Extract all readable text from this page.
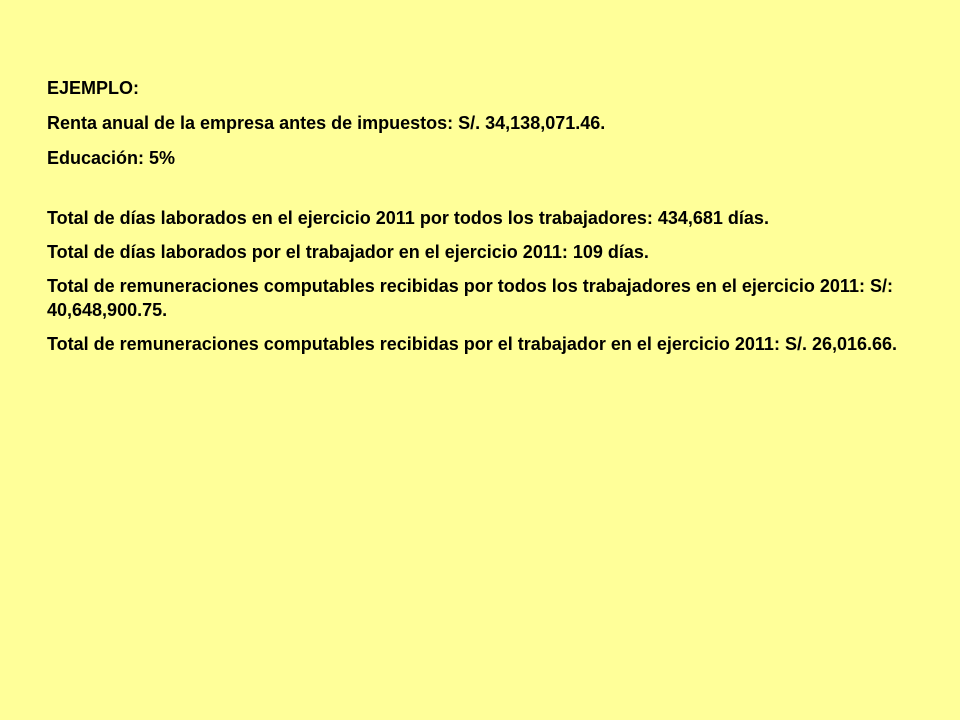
EJEMPLO:

Renta anual de la empresa antes de impuestos: S/. 34,138,071.46.

Educación: 5%

Total de días laborados en el ejercicio 2011 por todos los trabajadores: 434,681 días.

Total de días laborados por el trabajador en el ejercicio 2011: 109 días.

Total de remuneraciones computables recibidas por todos los trabajadores en el ejercicio 2011: S/: 40,648,900.75.

Total de remuneraciones computables recibidas por el trabajador en el ejercicio 2011: S/. 26,016.66.
